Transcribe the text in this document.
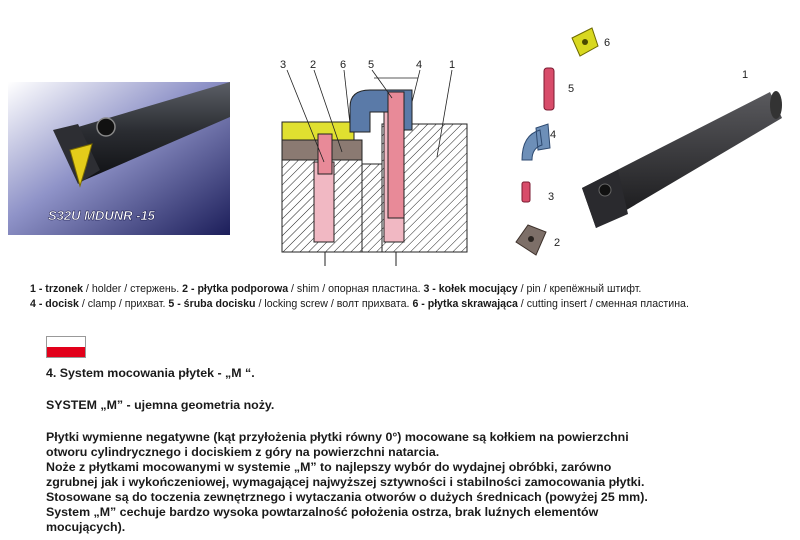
S32U MDUNR -15
3 2 6 5	4 1
6
5
4
3
2
1
1 - trzonek / holder / стержень. 2 - płytka podporowa / shim / опорная пластина. 3 - kołek mocujący / pin / крепёжный штифт.
4 - docisk / clamp / прихват. 5 - śruba docisku / locking screw / волт прихвата. 6 - płytka skrawająca / cutting insert / сменная пластина.
4. System mocowania płytek - „M “.
SYSTEM „M” - ujemna geometria noży.
Płytki wymienne negatywne (kąt przyłożenia płytki równy 0°) mocowane są kołkiem na powierzchni
otworu cylindrycznego i dociskiem z góry na powierzchni natarcia.
Noże z płytkami mocowanymi w systemie „M” to najlepszy wybór do wydajnej obróbki, zarówno
zgrubnej jak i wykończeniowej, wymagającej najwyższej sztywności i stabilności zamocowania płytki.
Stosowane są do toczenia zewnętrznego i wytaczania otworów o dużych średnicach (powyżej 25 mm).
System „M” cechuje bardzo wysoka powtarzalność położenia ostrza, brak luźnych elementów
mocujących).
